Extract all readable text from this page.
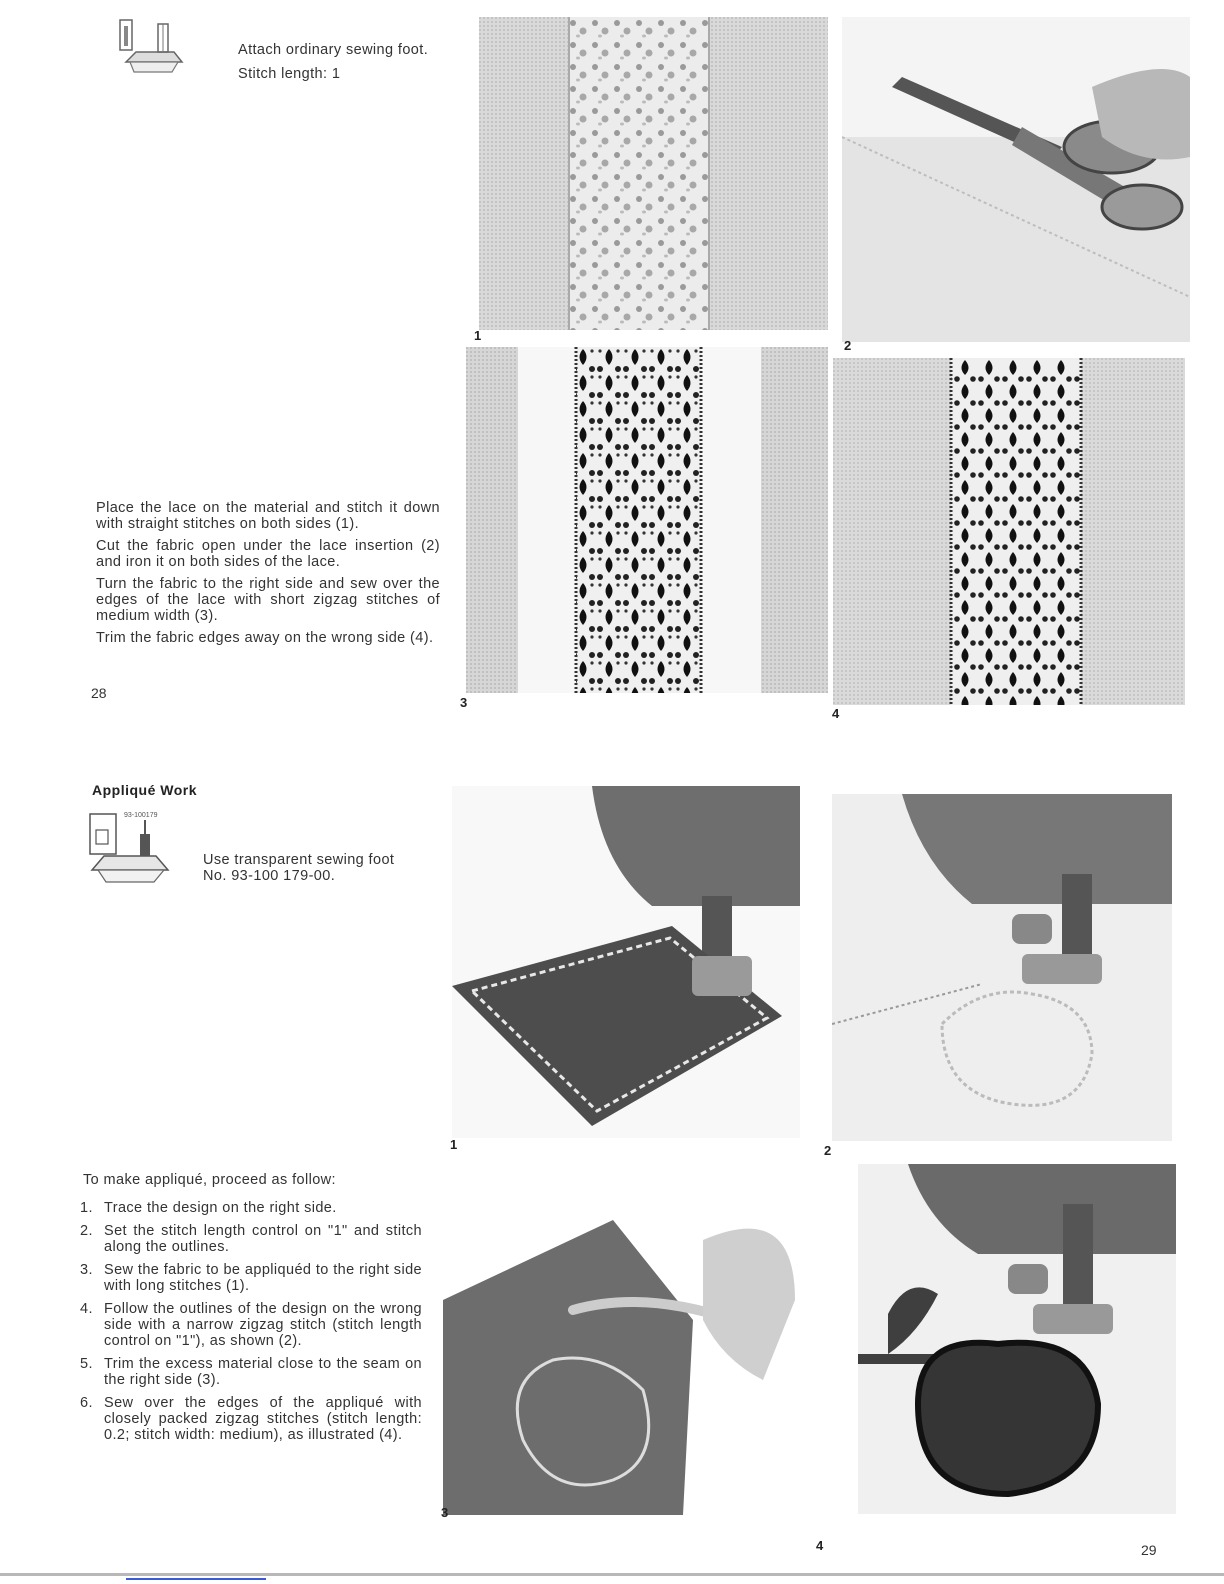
Attach ordinary sewing foot.
Stitch length: 1
1
2
3
4

Place the lace on the material and stitch it down with straight stitches on both sides (1).

Cut the fabric open under the lace insertion (2) and iron it on both sides of the lace.

Turn the fabric to the right side and sew over the edges of the lace with short zigzag stitches of medium width (3).

Trim the fabric edges away on the wrong side (4).

28
Appliqué Work
93-100179
Use transparent sewing foot No. 93-100 179-00.
1	2
3
4
To make appliqué, proceed as follow:
1. Trace the design on the right side.
2. Set the stitch length control on "1" and stitch along the outlines.
3. Sew the fabric to be appliquéd to the right side with long stitches (1).
4. Follow the outlines of the design on the wrong side with a narrow zigzag stitch (stitch length control on "1"), as shown (2).
5. Trim the excess material close to the seam on the right side (3).
6. Sew over the edges of the appliqué with closely packed zigzag stitches (stitch length: 0.2; stitch width: medium), as illustrated (4).
29
